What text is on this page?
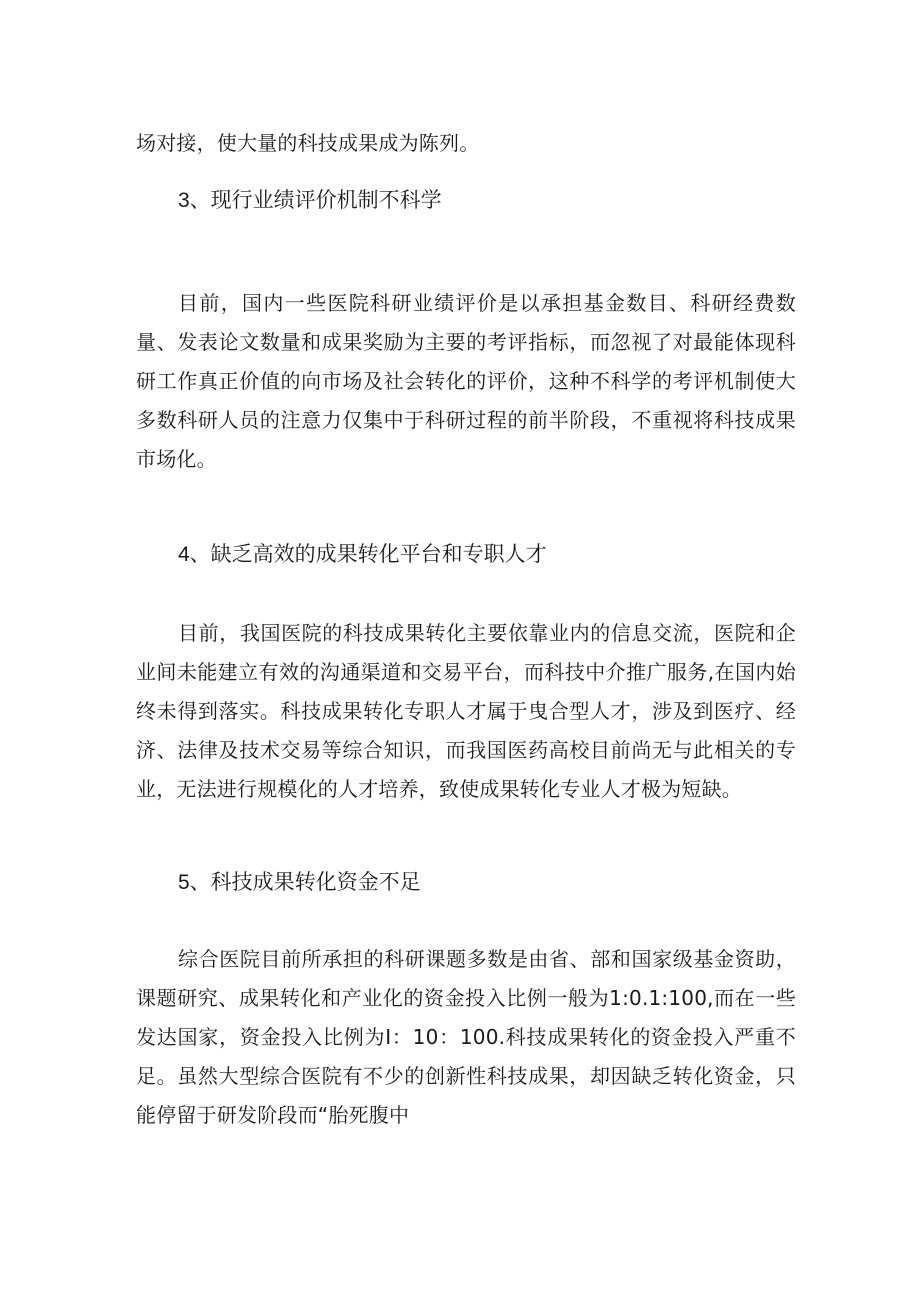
场对接，使大量的科技成果成为陈列。

3、现行业绩评价机制不科学

目前，国内一些医院科研业绩评价是以承担基金数目、科研经费数量、发表论文数量和成果奖励为主要的考评指标，而忽视了对最能体现科研工作真正价值的向市场及社会转化的评价，这种不科学的考评机制使大多数科研人员的注意力仅集中于科研过程的前半阶段，不重视将科技成果市场化。

4、缺乏高效的成果转化平台和专职人才

目前，我国医院的科技成果转化主要依靠业内的信息交流，医院和企业间未能建立有效的沟通渠道和交易平台，而科技中介推广服务,在国内始终未得到落实。科技成果转化专职人才属于曳合型人才，涉及到医疗、经济、法律及技术交易等综合知识，而我国医药高校目前尚无与此相关的专业，无法进行规模化的人才培养，致使成果转化专业人才极为短缺。

5、科技成果转化资金不足

综合医院目前所承担的科研课题多数是由省、部和国家级基金资助，课题研究、成果转化和产业化的资金投入比例一般为1:0.1:100,而在一些发达国家，资金投入比例为I：10：100.科技成果转化的资金投入严重不足。虽然大型综合医院有不少的创新性科技成果，却因缺乏转化资金，只能停留于研发阶段而“胎死腹中
